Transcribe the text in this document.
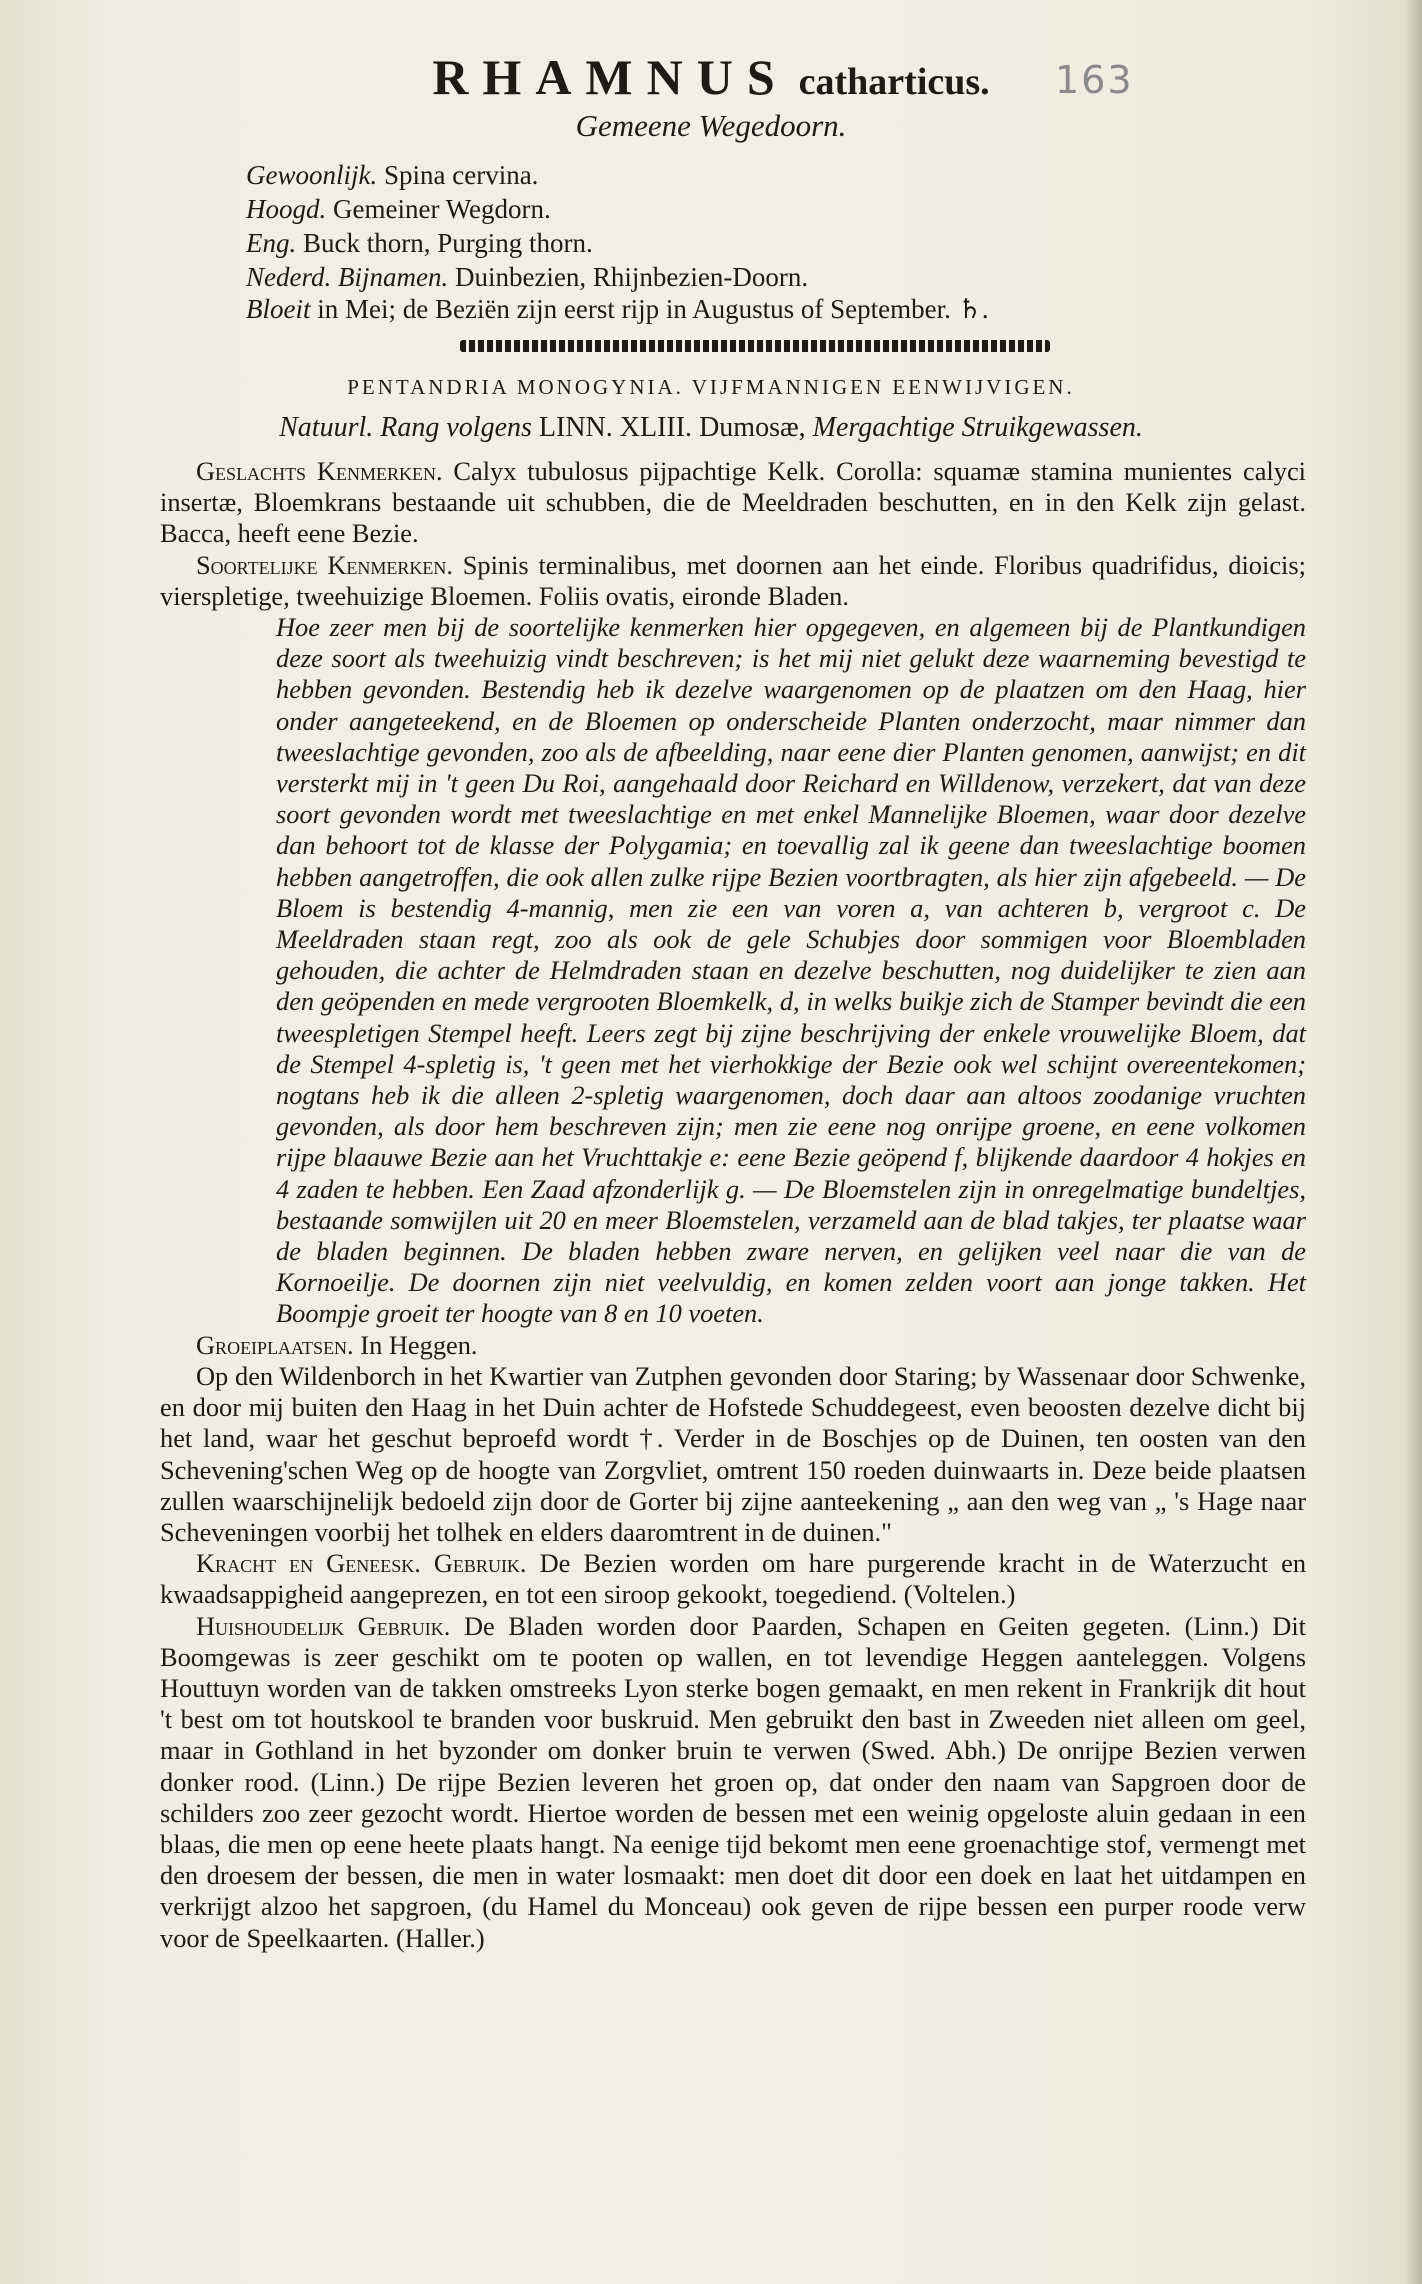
163
RHAMNUS catharticus.
Gemeene Wegedoorn.
Gewoonlijk. Spina cervina.
Hoogd. Gemeiner Wegdorn.
Eng. Buck thorn, Purging thorn.
Nederd. Bijnamen. Duinbezien, Rhijnbezien-Doorn.
Bloeit in Mei; de Beziën zijn eerst rijp in Augustus of September. ♄.
PENTANDRIA MONOGYNIA. VIJFMANNIGEN EENWIJVIGEN.
Natuurl. Rang volgens LINN. XLIII. Dumosæ, Mergachtige Struikgewassen.

Geslachts Kenmerken. Calyx tubulosus pijpachtige Kelk. Corolla: squamæ stamina munientes calyci insertæ, Bloemkrans bestaande uit schubben, die de Meeldraden beschutten, en in den Kelk zijn gelast. Bacca, heeft eene Bezie.

Soortelijke Kenmerken. Spinis terminalibus, met doornen aan het einde. Floribus quadrifidus, dioicis; vierspletige, tweehuizige Bloemen. Foliis ovatis, eironde Bladen.

Hoe zeer men bij de soortelijke kenmerken hier opgegeven, en algemeen bij de Plantkundigen deze soort als tweehuizig vindt beschreven; is het mij niet gelukt deze waarneming bevestigd te hebben gevonden. Bestendig heb ik dezelve waargenomen op de plaatzen om den Haag, hier onder aangeteekend, en de Bloemen op onderscheide Planten onderzocht, maar nimmer dan tweeslachtige gevonden, zoo als de afbeelding, naar eene dier Planten genomen, aanwijst; en dit versterkt mij in 't geen Du Roi, aangehaald door Reichard en Willdenow, verzekert, dat van deze soort gevonden wordt met tweeslachtige en met enkel Mannelijke Bloemen, waar door dezelve dan behoort tot de klasse der Polygamia; en toevallig zal ik geene dan tweeslachtige boomen hebben aangetroffen, die ook allen zulke rijpe Bezien voortbragten, als hier zijn afgebeeld. — De Bloem is bestendig 4-mannig, men zie een van voren a, van achteren b, vergroot c. De Meeldraden staan regt, zoo als ook de gele Schubjes door sommigen voor Bloembladen gehouden, die achter de Helmdraden staan en dezelve beschutten, nog duidelijker te zien aan den geöpenden en mede vergrooten Bloemkelk, d, in welks buikje zich de Stamper bevindt die een tweespletigen Stempel heeft. Leers zegt bij zijne beschrijving der enkele vrouwelijke Bloem, dat de Stempel 4-spletig is, 't geen met het vierhokkige der Bezie ook wel schijnt overeentekomen; nogtans heb ik die alleen 2-spletig waargenomen, doch daar aan altoos zoodanige vruchten gevonden, als door hem beschreven zijn; men zie eene nog onrijpe groene, en eene volkomen rijpe blaauwe Bezie aan het Vruchttakje e: eene Bezie geöpend f, blijkende daardoor 4 hokjes en 4 zaden te hebben. Een Zaad afzonderlijk g. — De Bloemstelen zijn in onregelmatige bundeltjes, bestaande somwijlen uit 20 en meer Bloemstelen, verzameld aan de blad takjes, ter plaatse waar de bladen beginnen. De bladen hebben zware nerven, en gelijken veel naar die van de Kornoeilje. De doornen zijn niet veelvuldig, en komen zelden voort aan jonge takken. Het Boompje groeit ter hoogte van 8 en 10 voeten.

Groeiplaatsen. In Heggen.

Op den Wildenborch in het Kwartier van Zutphen gevonden door Staring; by Wassenaar door Schwenke, en door mij buiten den Haag in het Duin achter de Hofstede Schuddegeest, even beoosten dezelve dicht bij het land, waar het geschut beproefd wordt †. Verder in de Boschjes op de Duinen, ten oosten van den Schevening'schen Weg op de hoogte van Zorgvliet, omtrent 150 roeden duinwaarts in. Deze beide plaatsen zullen waarschijnelijk bedoeld zijn door de Gorter bij zijne aanteekening „ aan den weg van „ 's Hage naar Scheveningen voorbij het tolhek en elders daaromtrent in de duinen."

Kracht en Geneesk. Gebruik. De Bezien worden om hare purgerende kracht in de Waterzucht en kwaadsappigheid aangeprezen, en tot een siroop gekookt, toegediend. (Voltelen.)

Huishoudelijk Gebruik. De Bladen worden door Paarden, Schapen en Geiten gegeten. (Linn.) Dit Boomgewas is zeer geschikt om te pooten op wallen, en tot levendige Heggen aanteleggen. Volgens Houttuyn worden van de takken omstreeks Lyon sterke bogen gemaakt, en men rekent in Frankrijk dit hout 't best om tot houtskool te branden voor buskruid. Men gebruikt den bast in Zweeden niet alleen om geel, maar in Gothland in het byzonder om donker bruin te verwen (Swed. Abh.) De onrijpe Bezien verwen donker rood. (Linn.) De rijpe Bezien leveren het groen op, dat onder den naam van Sapgroen door de schilders zoo zeer gezocht wordt. Hiertoe worden de bessen met een weinig opgeloste aluin gedaan in een blaas, die men op eene heete plaats hangt. Na eenige tijd bekomt men eene groenachtige stof, vermengt met den droesem der bessen, die men in water losmaakt: men doet dit door een doek en laat het uitdampen en verkrijgt alzoo het sapgroen, (du Hamel du Monceau) ook geven de rijpe bessen een purper roode verw voor de Speelkaarten. (Haller.)
